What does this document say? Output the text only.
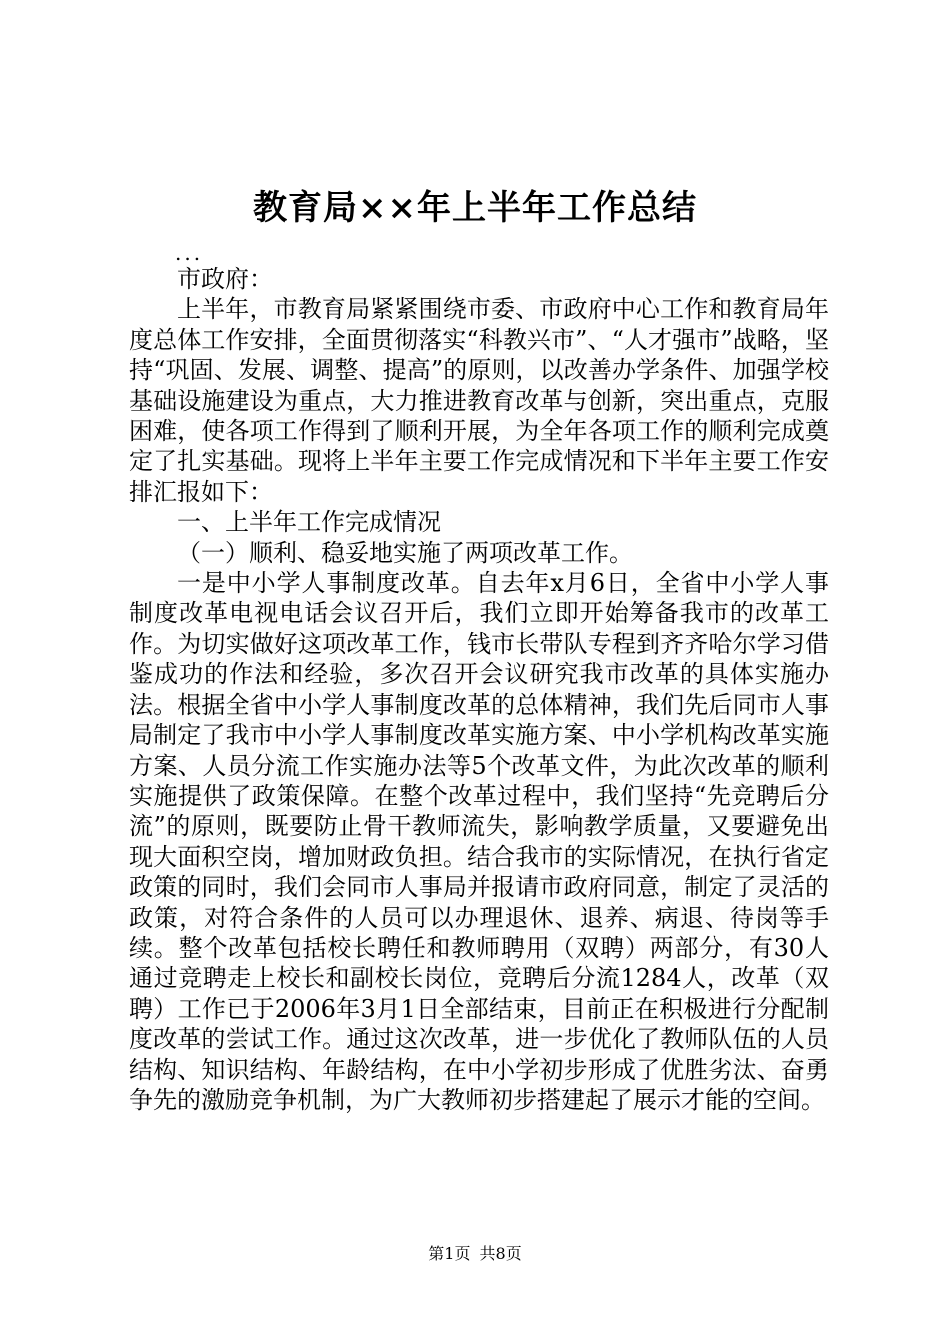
教育局××年上半年工作总结
...

市政府：

上半年，市教育局紧紧围绕市委、市政府中心工作和教育局年度总体工作安排，全面贯彻落实“科教兴市”、“人才强市”战略，坚持“巩固、发展、调整、提高”的原则，以改善办学条件、加强学校基础设施建设为重点，大力推进教育改革与创新，突出重点，克服困难，使各项工作得到了顺利开展，为全年各项工作的顺利完成奠定了扎实基础。现将上半年主要工作完成情况和下半年主要工作安排汇报如下：

一、上半年工作完成情况

（一）顺利、稳妥地实施了两项改革工作。

一是中小学人事制度改革。自去年x月6日，全省中小学人事制度改革电视电话会议召开后，我们立即开始筹备我市的改革工作。为切实做好这项改革工作，钱市长带队专程到齐齐哈尔学习借鉴成功的作法和经验，多次召开会议研究我市改革的具体实施办法。根据全省中小学人事制度改革的总体精神，我们先后同市人事局制定了我市中小学人事制度改革实施方案、中小学机构改革实施方案、人员分流工作实施办法等5个改革文件，为此次改革的顺利实施提供了政策保障。在整个改革过程中，我们坚持“先竞聘后分流”的原则，既要防止骨干教师流失，影响教学质量，又要避免出现大面积空岗，增加财政负担。结合我市的实际情况，在执行省定政策的同时，我们会同市人事局并报请市政府同意，制定了灵活的政策，对符合条件的人员可以办理退休、退养、病退、待岗等手续。整个改革包括校长聘任和教师聘用（双聘）两部分，有30人通过竞聘走上校长和副校长岗位，竞聘后分流1284人，改革（双聘）工作已于2006年3月1日全部结束，目前正在积极进行分配制度改革的尝试工作。通过这次改革，进一步优化了教师队伍的人员结构、知识结构、年龄结构，在中小学初步形成了优胜劣汰、奋勇争先的激励竞争机制，为广大教师初步搭建起了展示才能的空间。

第1页 共8页
